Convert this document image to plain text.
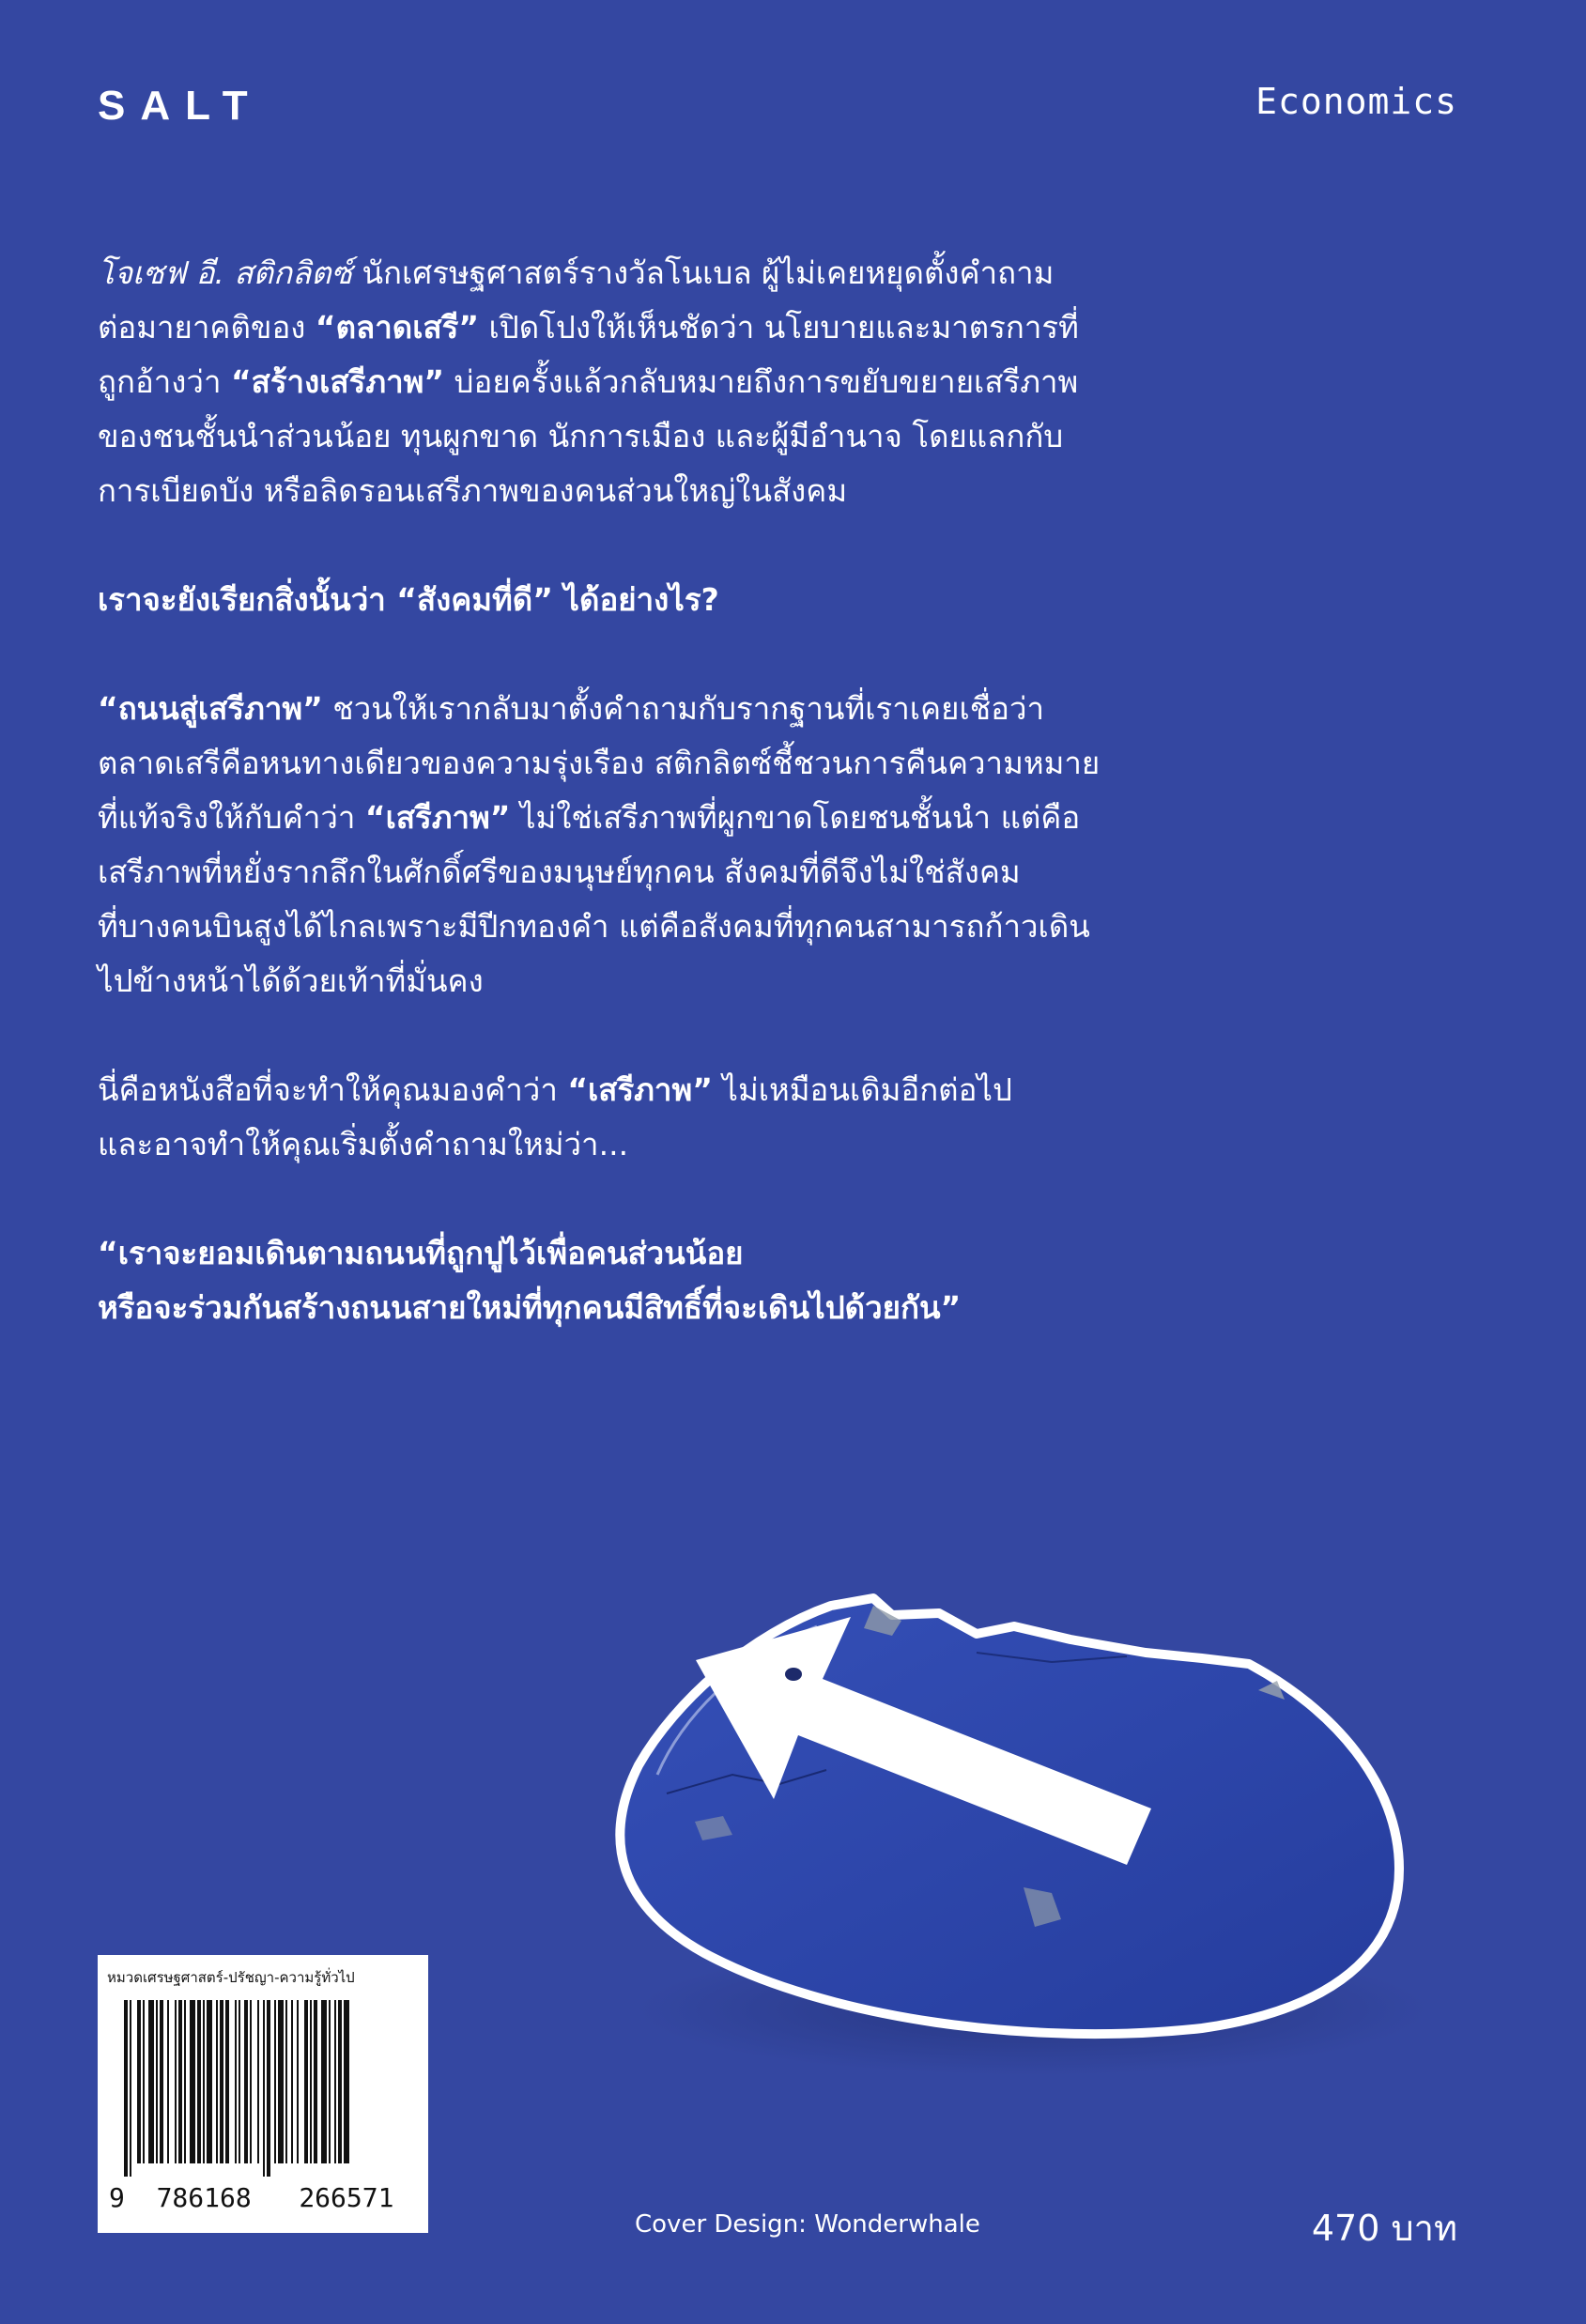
SALT	Economics

โจเซฟ อี. สติกลิตซ์ นักเศรษฐศาสตร์รางวัลโนเบล ผู้ไม่เคยหยุดตั้งคำถาม
ต่อมายาคติของ “ตลาดเสรี” เปิดโปงให้เห็นชัดว่า นโยบายและมาตรการที่
ถูกอ้างว่า “สร้างเสรีภาพ” บ่อยครั้งแล้วกลับหมายถึงการขยับขยายเสรีภาพ
ของชนชั้นนำส่วนน้อย ทุนผูกขาด นักการเมือง และผู้มีอำนาจ โดยแลกกับ
การเบียดบัง หรือลิดรอนเสรีภาพของคนส่วนใหญ่ในสังคม

เราจะยังเรียกสิ่งนั้นว่า “สังคมที่ดี” ได้อย่างไร?

“ถนนสู่เสรีภาพ” ชวนให้เรากลับมาตั้งคำถามกับรากฐานที่เราเคยเชื่อว่า
ตลาดเสรีคือหนทางเดียวของความรุ่งเรือง สติกลิตซ์ชี้ชวนการคืนความหมาย
ที่แท้จริงให้กับคำว่า “เสรีภาพ” ไม่ใช่เสรีภาพที่ผูกขาดโดยชนชั้นนำ แต่คือ
เสรีภาพที่หยั่งรากลึกในศักดิ์ศรีของมนุษย์ทุกคน สังคมที่ดีจึงไม่ใช่สังคม
ที่บางคนบินสูงได้ไกลเพราะมีปีกทองคำ แต่คือสังคมที่ทุกคนสามารถก้าวเดิน
ไปข้างหน้าได้ด้วยเท้าที่มั่นคง

นี่คือหนังสือที่จะทำให้คุณมองคำว่า “เสรีภาพ” ไม่เหมือนเดิมอีกต่อไป
และอาจทำให้คุณเริ่มตั้งคำถามใหม่ว่า...

“เราจะยอมเดินตามถนนที่ถูกปูไว้เพื่อคนส่วนน้อย
หรือจะร่วมกันสร้างถนนสายใหม่ที่ทุกคนมีสิทธิ์ที่จะเดินไปด้วยกัน”

หมวดเศรษฐศาสตร์-ปรัชญา-ความรู้ทั่วไป
9 786168 266571
Cover Design: Wonderwhale	470 บาท
